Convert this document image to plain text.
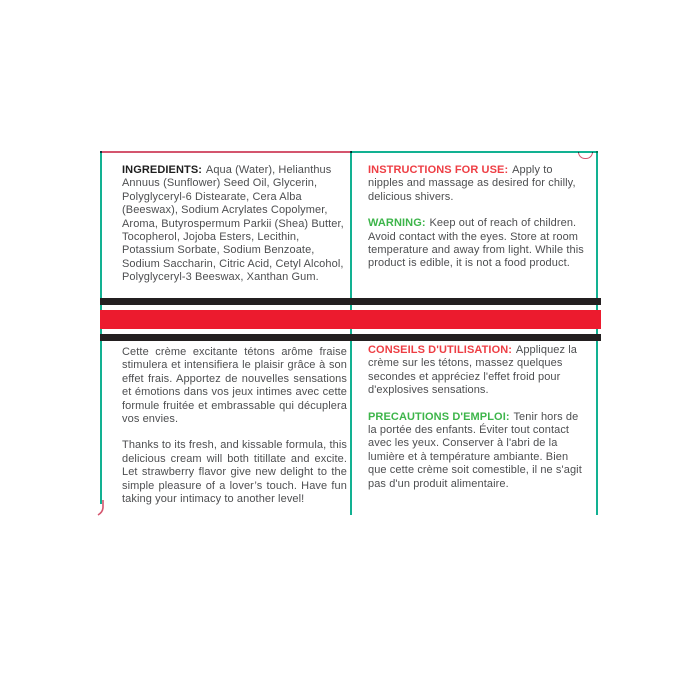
INGREDIENTS: Aqua (Water), Helianthus Annuus (Sunflower) Seed Oil, Glycerin, Polyglyceryl-6 Distearate, Cera Alba (Beeswax), Sodium Acrylates Copolymer, Aroma, Butyrospermum Parkii (Shea) Butter, Tocopherol, Jojoba Esters, Lecithin, Potassium Sorbate, Sodium Benzoate, Sodium Saccharin, Citric Acid, Cetyl Alcohol, Polyglyceryl-3 Beeswax, Xanthan Gum.

INSTRUCTIONS FOR USE: Apply to nipples and massage as desired for chilly, delicious shivers.

WARNING: Keep out of reach of children. Avoid contact with the eyes. Store at room temperature and away from light. While this product is edible, it is not a food product.

Cette crème excitante tétons arôme fraise stimulera et intensifiera le plaisir grâce à son effet frais. Apportez de nouvelles sensations et émotions dans vos jeux intimes avec cette formule fruitée et embrassable qui décuplera vos envies.

Thanks to its fresh, and kissable formula, this delicious cream will both titillate and excite. Let strawberry flavor give new delight to the simple pleasure of a lover’s touch. Have fun taking your intimacy to another level!

CONSEILS D'UTILISATION: Appliquez la crème sur les tétons, massez quelques secondes et appréciez l'effet froid pour d'explosives sensations.

PRECAUTIONS D'EMPLOI: Tenir hors de la portée des enfants. Éviter tout contact avec les yeux. Conserver à l'abri de la lumière et à température ambiante. Bien que cette crème soit comestible, il ne s'agit pas d'un produit alimentaire.
